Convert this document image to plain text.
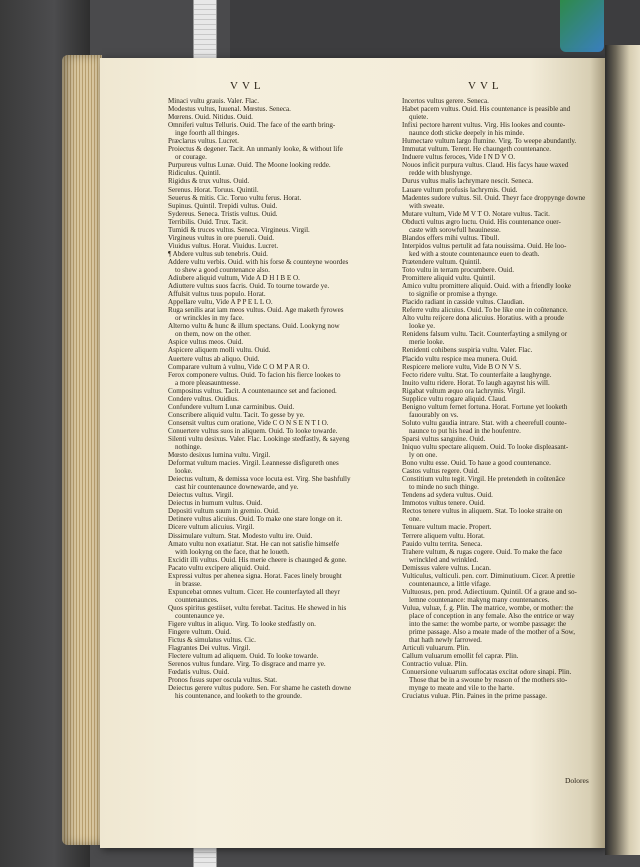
VVL	VVL
Minaci vultu grauis. Valer. Flac.
Modestus vultus, Iuuenal. Mœstus. Seneca.
Mœrens. Ouid. Nitidus. Ouid.
Omniferi vultus Telluris. Ouid. The face of the earth bring-
inge foorth all thinges.
Præclarus vultus. Lucret.
Proiectus & degener. Tacit. An unmanly looke, & without life
or courage.
Purpureus vultus Lunæ. Ouid. The Moone looking redde.
Ridiculus. Quintil.
Rigidus & trux vultus. Ouid.
Serenus. Horat. Toruus. Quintil.
Seuerus & mitis. Cic. Toruo vultu ferus. Horat.
Supinus. Quintil. Trepidi vultus. Ouid.
Sydereus. Seneca. Tristis vultus. Ouid.
Terribilis. Ouid. Trux. Tacit.
Tumidi & truces vultus. Seneca. Virgineus. Virgil.
Virgineus vultus in ore pueruli. Ouid.
Viuidus vultus. Horat. Viuidus. Lucret.
¶ Abdere vultus sub tenebris. Ouid.
Addere vultu verbis. Ouid. with his forse & counteyne woordes
to shew a good countenance also.
Adiubere aliquid vultum, Vide A D H I B E O.
Adiuttere vultus suos facris. Ouid. To tourne towarde ye.
Affulsit vultus tuus populo. Horat.
Appellare vultu, Vide A P P E L L O.
Ruga senilis arat iam meos vultus. Ouid. Age maketh fyrowes
or wrinckles in my face.
Alterno vultu & hunc & illum spectans. Ouid. Lookyng now
on them, now on the other.
Aspice vultus meos. Ouid.
Aspicere aliquem molli vultu. Ouid.
Auertere vultus ab aliquo. Ouid.
Comparare vultum à vulnu, Vide C O M P A R O.
Ferox componere vultus. Ouid. To facion his fierce lookes to
a more pleasauntnesse.
Compositus vultus. Tacit. A countenaunce set and facioned.
Condere vultus. Ouidius.
Confundere vultum Lunæ carminibus. Ouid.
Conscribere aliquid vultu. Tacit. To gesse by ye.
Consensit vultus cum oratione, Vide C O N S E N T I O.
Conuertere vultus suos in aliquem. Ouid. To looke towarde.
Silenti vultu desixus. Valer. Flac. Lookinge stedfastly, & sayeng
nothinge.
Mœsto desixus lumina vultu. Virgil.
Deformat vultum macies. Virgil. Leannesse disfigureth ones
looke.
Deiectus vultum, & demissa voce locuta est. Virg. She bashfully
cast hir countenaunce downewarde, and ye.
Deiectus vultus. Virgil.
Deiectus in humum vultus. Ouid.
Depositi vultum suum in gremio. Ouid.
Detinere vultus alicuius. Ouid. To make one stare longe on it.
Dicere vultum alicuius. Virgil.
Dissimulare vultum. Stat. Modesto vultu ire. Ouid.
Amato vultu non exatiatur. Stat. He can not satisfie himselfe
with lookyng on the face, that he loueth.
Excidit illi vultus. Ouid. His merie cheere is chaunged & gone.
Pacato vultu excipere aliquid. Ouid.
Expressi vultus per ahenea signa. Horat. Faces linely brought
in brasse.
Expuncebat omnes vultum. Cicer. He counterfayted all theyr
countenaunces.
Quos spiritus gestiiset, vultu ferebat. Tacitus. He shewed in his
countenaunce ye.
Figere vultus in aliquo. Virg. To looke stedfastly on.
Fingere vultum. Ouid.
Fictus & simulatus vultus. Cic.
Flagrantes Dei vultus. Virgil.
Flectere vultum ad aliquem. Ouid. To looke towarde.
Serenos vultus fundare. Virg. To disgrace and marre ye.
Fœdatis vultus. Ouid.
Pronos fusus super oscula vultus. Stat.
Deiectus gerere vultus pudore. Sen. For shame he casteth downe
his countenance, and looketh to the grounde.
Incertos vultus gerere. Seneca.
Habet pacem vultus. Ouid. His countenance is peasible and
quiete.
Infixi pectore hærent vultus. Virg. His lookes and counte-
naunce doth sticke deepely in his minde.
Humectare vultum largo flumine. Virg. To weepe abundantly.
Immutat vultum. Terent. He chaungeth countenance.
Induere vultus feroces, Vide I N D V O.
Nouos inficit purpura vultus. Claud. His facys haue waxed
redde with blushynge.
Durus vultus malis lachrymare nescit. Seneca.
Lauare vultum profusis lachrymis. Ouid.
Madentes sudore vultus. Sil. Ouid. Theyr face droppynge downe
with sweate.
Mutare vultum, Vide M V T O. Notare vultus. Tacit.
Obducti vultus ægro luctu. Ouid. His countenance ouer-
caste with sorowfull heauinesse.
Blandos effers mihi vultus. Tibull.
Interpidos vultus pertulit ad fata nouissima. Ouid. He loo-
ked with a stoute countenaunce euen to death.
Prætendere vultum. Quintil.
Toto vultu in terram procumbere. Ouid.
Promittere aliquid vultu. Quintil.
Amico vultu promittere aliquid. Ouid. with a friendly looke
to signifie or promise a thynge.
Placido radiant in cassidе vultus. Claudian.
Referre vultu alicuius. Ouid. To be like one in coûtenance.
Alto vultu reijcere dona alicuius. Horatius. with a proude
looke ye.
Renidens falsum vultu. Tacit. Counterfayting a smilyng or
merie looke.
Renidenti cohibens suspiria vultu. Valer. Flac.
Placido vultu respice mea munera. Ouid.
Respicere meliore vultu, Vide B O N V S.
Fecto ridere vultu. Stat. To counterfaite a laughynge.
Inuito vultu ridere. Horat. To laugh agaynst his will.
Rigabat vultum æquo ora lachrymis. Virgil.
Supplice vultu rogare aliquid. Claud.
Benigno vultum fernet fortuna. Horat. Fortune yet looketh
fauourably on vs.
Soluto vultu gaudia intrare. Stat. with a cheerefull counte-
naunce to put his head in the houfentre.
Sparsi vultus sanguine. Ouid.
Iniquo vultu spectare aliquem. Ouid. To looke displeasant-
ly on one.
Bono vultu esse. Ouid. To haue a good countenance.
Castos vultus regere. Ouid.
Constitium vultu tegit. Virgil. He pretendeth in coûtenâce
to minde no such thinge.
Tendens ad sydera vultus. Ouid.
Immotos vultus tenere. Ouid.
Rectos tenere vultus in aliquem. Stat. To looke straite on
one.
Tenuare vultum macie. Propert.
Terrere aliquem vultu. Horat.
Pauido vultu territa. Seneca.
Trahere vultum, & rugas cogere. Ouid. To make the face
wrinckled and wrinkled.
Demissus valere vultus. Lucan.
Vulticulus, vulticuli. pen. corr. Diminutiuum. Cicer. A prettie
countenaunce, a little vifage.
Vultuosus, pen. prod. Adiectiuum. Quintil. Of a graue and so-
lemne countenance: makyng many countenances.
Vulua, vuluæ, f. g. Plin. The matrice, wombe, or mother: the
place of conception in any female. Also the entrice or way
into the same: the wombe parte, or wombe passage: the
prime passage. Also a meate made of the mother of a Sow,
that hath newly farrowed.
Articuli vuluarum. Plin.
Callum vuluarum emollit fel capræ. Plin.
Contractio vuluæ. Plin.
Conuersione vuluarum suffocatas excitat odore sinapi. Plin.
Those that be in a swoune by reason of the mothers sto-
mynge to meate and vile to the harte.
Cruciatus vuluæ. Plin. Paines in the prime passage.
Dolores
